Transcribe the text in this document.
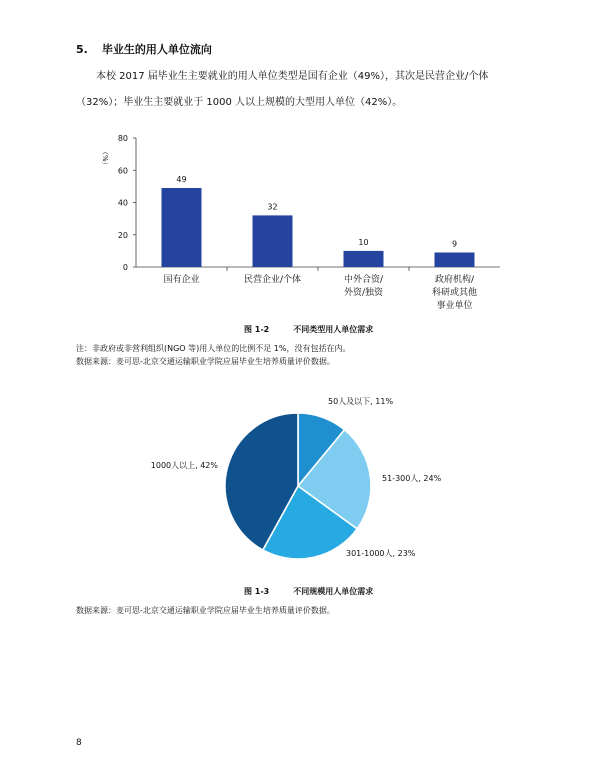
5. 毕业生的用人单位流向
本校 2017 届毕业生主要就业的用人单位类型是国有企业（49%），其次是民营企业/个体
（32%）；毕业生主要就业于 1000 人以上规模的大型用人单位（42%）。
0
20
40
60
80
（%）
49
国有企业
32
民营企业/个体
10
中外合资/
外资/独资
9
政府机构/
科研或其他
事业单位
图 1-2	不同类型用人单位需求
注：非政府或非营利组织(NGO 等)用人单位的比例不足 1%，没有包括在内。
数据来源：麦可思-北京交通运输职业学院应届毕业生培养质量评价数据。
50人及以下, 11%
51-300人, 24%
301-1000人, 23%
1000人以上, 42%
图 1-3	不同规模用人单位需求
数据来源：麦可思-北京交通运输职业学院应届毕业生培养质量评价数据。
8
